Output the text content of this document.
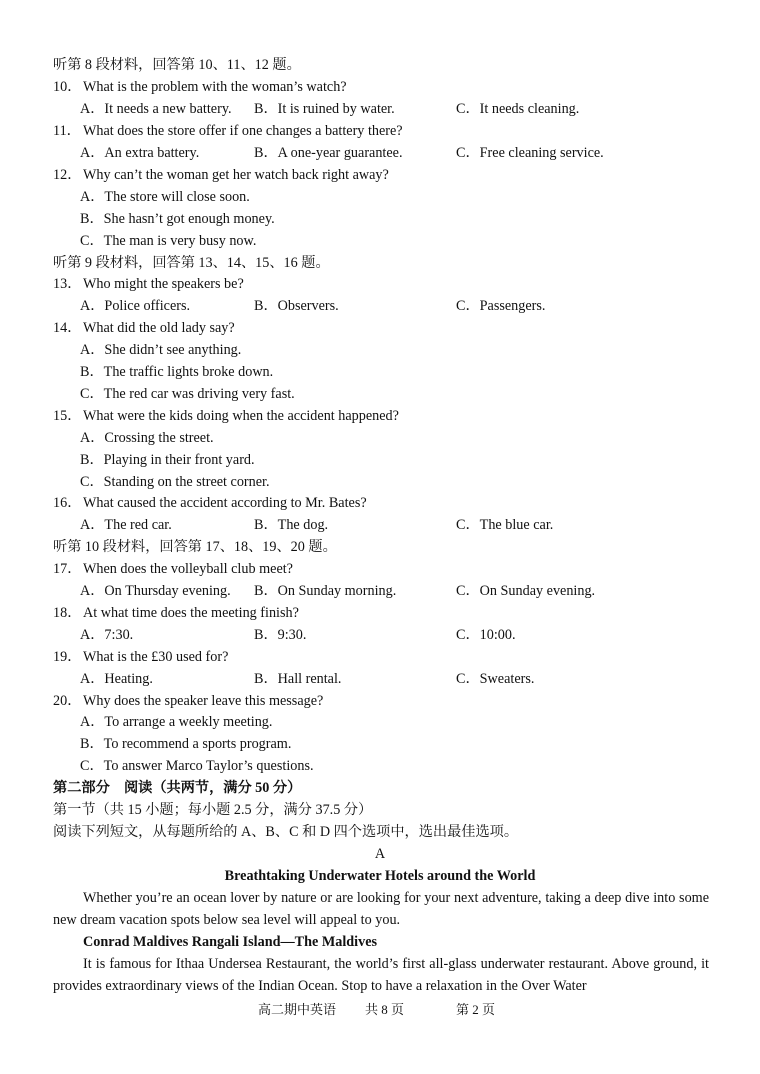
听第 8 段材料，回答第 10、11、12 题。
10． What is the problem with the woman’s watch?
A．It needs a new battery. B．It is ruined by water.	C．It needs cleaning.
11． What does the store offer if one changes a battery there?
A．An extra battery.	B．A one-year guarantee.	C．Free cleaning service.
12． Why can’t the woman get her watch back right away?
A．The store will close soon.
B．She hasn’t got enough money.
C．The man is very busy now.
听第 9 段材料，回答第 13、14、15、16 题。
13． Who might the speakers be?
A．Police officers.	B．Observers.	C．Passengers.
14． What did the old lady say?
A．She didn’t see anything.
B．The traffic lights broke down.
C．The red car was driving very fast.
15． What were the kids doing when the accident happened?
A．Crossing the street.
B．Playing in their front yard.
C．Standing on the street corner.
16． What caused the accident according to Mr. Bates?
A．The red car.	B．The dog.	C．The blue car.
听第 10 段材料，回答第 17、18、19、20 题。
17． When does the volleyball club meet?
A．On Thursday evening. B．On Sunday morning.	C．On Sunday evening.
18． At what time does the meeting finish?
A．7:30.	B．9:30.	C．10:00.
19． What is the £30 used for?
A．Heating.	B．Hall rental.	C．Sweaters.
20． Why does the speaker leave this message?
A．To arrange a weekly meeting.
B．To recommend a sports program.
C．To answer Marco Taylor’s questions.
第二部分　阅读（共两节，满分 50 分）
第一节（共 15 小题；每小题 2.5 分，满分 37.5 分）
阅读下列短文，从每题所给的 A、B、C 和 D 四个选项中，选出最佳选项。
A
Breathtaking Underwater Hotels around the World

Whether you’re an ocean lover by nature or are looking for your next adventure, taking a deep dive into some new dream vacation spots below sea level will appeal to you.

Conrad Maldives Rangali Island—The Maldives

It is famous for Ithaa Undersea Restaurant, the world’s first all-glass underwater restaurant. Above ground, it provides extraordinary views of the Indian Ocean. Stop to have a relaxation in the Over Water

高二期中英语 共 8 页	第 2 页
